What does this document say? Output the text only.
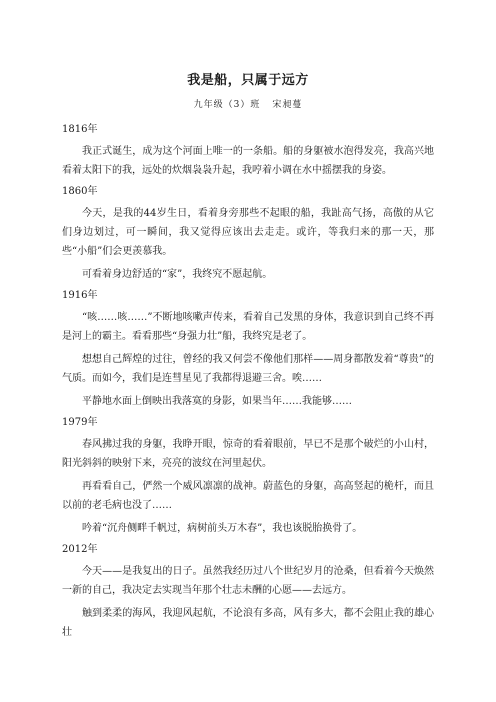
我是船，只属于远方
九年级（3）班 宋昶蔓
1816年

我正式诞生，成为这个河面上唯一的一条船。船的身躯被水泡得发亮，我高兴地看着太阳下的我，远处的炊烟袅袅升起，我哼着小调在水中摇摆我的身姿。

1860年

今天，是我的44岁生日，看着身旁那些不起眼的船，我趾高气扬，高傲的从它们身边划过，可一瞬间，我又觉得应该出去走走。或许，等我归来的那一天，那些“小船”们会更羡慕我。

可看着身边舒适的“家”，我终究不愿起航。

1916年

“咳……咳……”不断地咳嗽声传来，看着自己发黑的身体，我意识到自己终不再是河上的霸主。看看那些“身强力壮”船，我终究是老了。

想想自己辉煌的过往，曾经的我又何尝不像他们那样——周身都散发着“尊贵”的气质。而如今，我们是连彗星见了我都得退避三舍。唉……

平静地水面上倒映出我落寞的身影，如果当年……我能够……

1979年

春风拂过我的身躯，我睁开眼，惊奇的看着眼前，早已不是那个破烂的小山村，阳光斜斜的映射下来，亮亮的波纹在河里起伏。

再看看自己，俨然一个威风凛凛的战神。蔚蓝色的身躯，高高竖起的桅杆，而且以前的老毛病也没了……

吟着“沉舟侧畔千帆过，病树前头万木春”，我也该脱胎换骨了。

2012年

今天——是我复出的日子。虽然我经历过八个世纪岁月的沧桑，但看着今天焕然一新的自己，我决定去实现当年那个壮志未酬的心愿——去远方。

触到柔柔的海风，我迎风起航，不论浪有多高，风有多大，都不会阻止我的雄心壮
